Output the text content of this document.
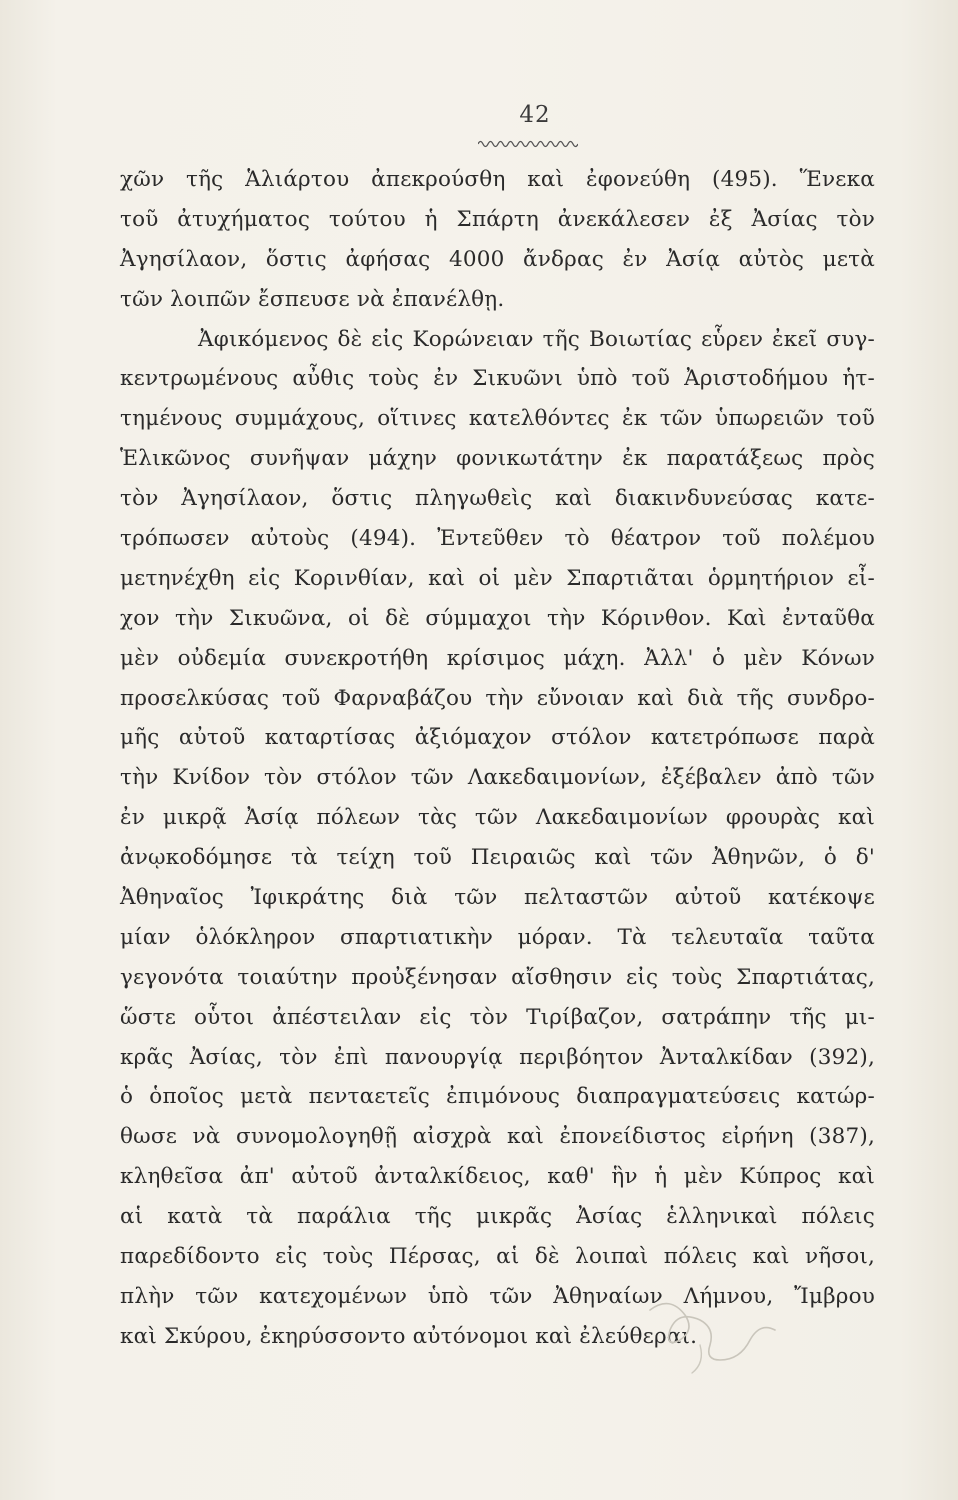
42
χῶν τῆς Ἁλιάρτου ἀπεκρούσθη καὶ ἐφονεύθη (495). Ἕνεκα
τοῦ ἀτυχήματος τούτου ἡ Σπάρτη ἀνεκάλεσεν ἐξ Ἀσίας τὸν
Ἀγησίλαον, ὅστις ἀφήσας 4000 ἄνδρας ἐν Ἀσίᾳ αὐτὸς μετὰ
τῶν λοιπῶν ἔσπευσε νὰ ἐπανέλθῃ.
Ἀφικόμενος δὲ εἰς Κορώνειαν τῆς Βοιωτίας εὗρεν ἐκεῖ συγ-
κεντρωμένους αὖθις τοὺς ἐν Σικυῶνι ὑπὸ τοῦ Ἀριστοδήμου ἡτ-
τημένους συμμάχους, οἵτινες κατελθόντες ἐκ τῶν ὑπωρειῶν τοῦ
Ἑλικῶνος συνῆψαν μάχην φονικωτάτην ἐκ παρατάξεως πρὸς
τὸν Ἀγησίλαον, ὅστις πληγωθεὶς καὶ διακινδυνεύσας κατε-
τρόπωσεν αὐτοὺς (494). Ἐντεῦθεν τὸ θέατρον τοῦ πολέμου
μετηνέχθη εἰς Κορινθίαν, καὶ οἱ μὲν Σπαρτιᾶται ὁρμητήριον εἶ-
χον τὴν Σικυῶνα, οἱ δὲ σύμμαχοι τὴν Κόρινθον. Καὶ ἐνταῦθα
μὲν οὐδεμία συνεκροτήθη κρίσιμος μάχη. Ἀλλ' ὁ μὲν Κόνων
προσελκύσας τοῦ Φαρναβάζου τὴν εὔνοιαν καὶ διὰ τῆς συνδρο-
μῆς αὐτοῦ καταρτίσας ἀξιόμαχον στόλον κατετρόπωσε παρὰ
τὴν Κνίδον τὸν στόλον τῶν Λακεδαιμονίων, ἐξέβαλεν ἀπὸ τῶν
ἐν μικρᾷ Ἀσίᾳ πόλεων τὰς τῶν Λακεδαιμονίων φρουρὰς καὶ
ἀνῳκοδόμησε τὰ τείχη τοῦ Πειραιῶς καὶ τῶν Ἀθηνῶν, ὁ δ'
Ἀθηναῖος Ἰφικράτης διὰ τῶν πελταστῶν αὐτοῦ κατέκοψε
μίαν ὁλόκληρον σπαρτιατικὴν μόραν. Τὰ τελευταῖα ταῦτα
γεγονότα τοιαύτην προὐξένησαν αἴσθησιν εἰς τοὺς Σπαρτιάτας,
ὥστε οὗτοι ἀπέστειλαν εἰς τὸν Τιρίβαζον, σατράπην τῆς μι-
κρᾶς Ἀσίας, τὸν ἐπὶ πανουργίᾳ περιβόητον Ἀνταλκίδαν (392),
ὁ ὁποῖος μετὰ πενταετεῖς ἐπιμόνους διαπραγματεύσεις κατώρ-
θωσε νὰ συνομολογηθῇ αἰσχρὰ καὶ ἐπονείδιστος εἰρήνη (387),
κληθεῖσα ἀπ' αὐτοῦ ἀνταλκίδειος, καθ' ἣν ἡ μὲν Κύπρος καὶ
αἱ κατὰ τὰ παράλια τῆς μικρᾶς Ἀσίας ἑλληνικαὶ πόλεις
παρεδίδοντο εἰς τοὺς Πέρσας, αἱ δὲ λοιπαὶ πόλεις καὶ νῆσοι,
πλὴν τῶν κατεχομένων ὑπὸ τῶν Ἀθηναίων Λήμνου, Ἴμβρου
καὶ Σκύρου, ἐκηρύσσοντο αὐτόνομοι καὶ ἐλεύθεραι.
